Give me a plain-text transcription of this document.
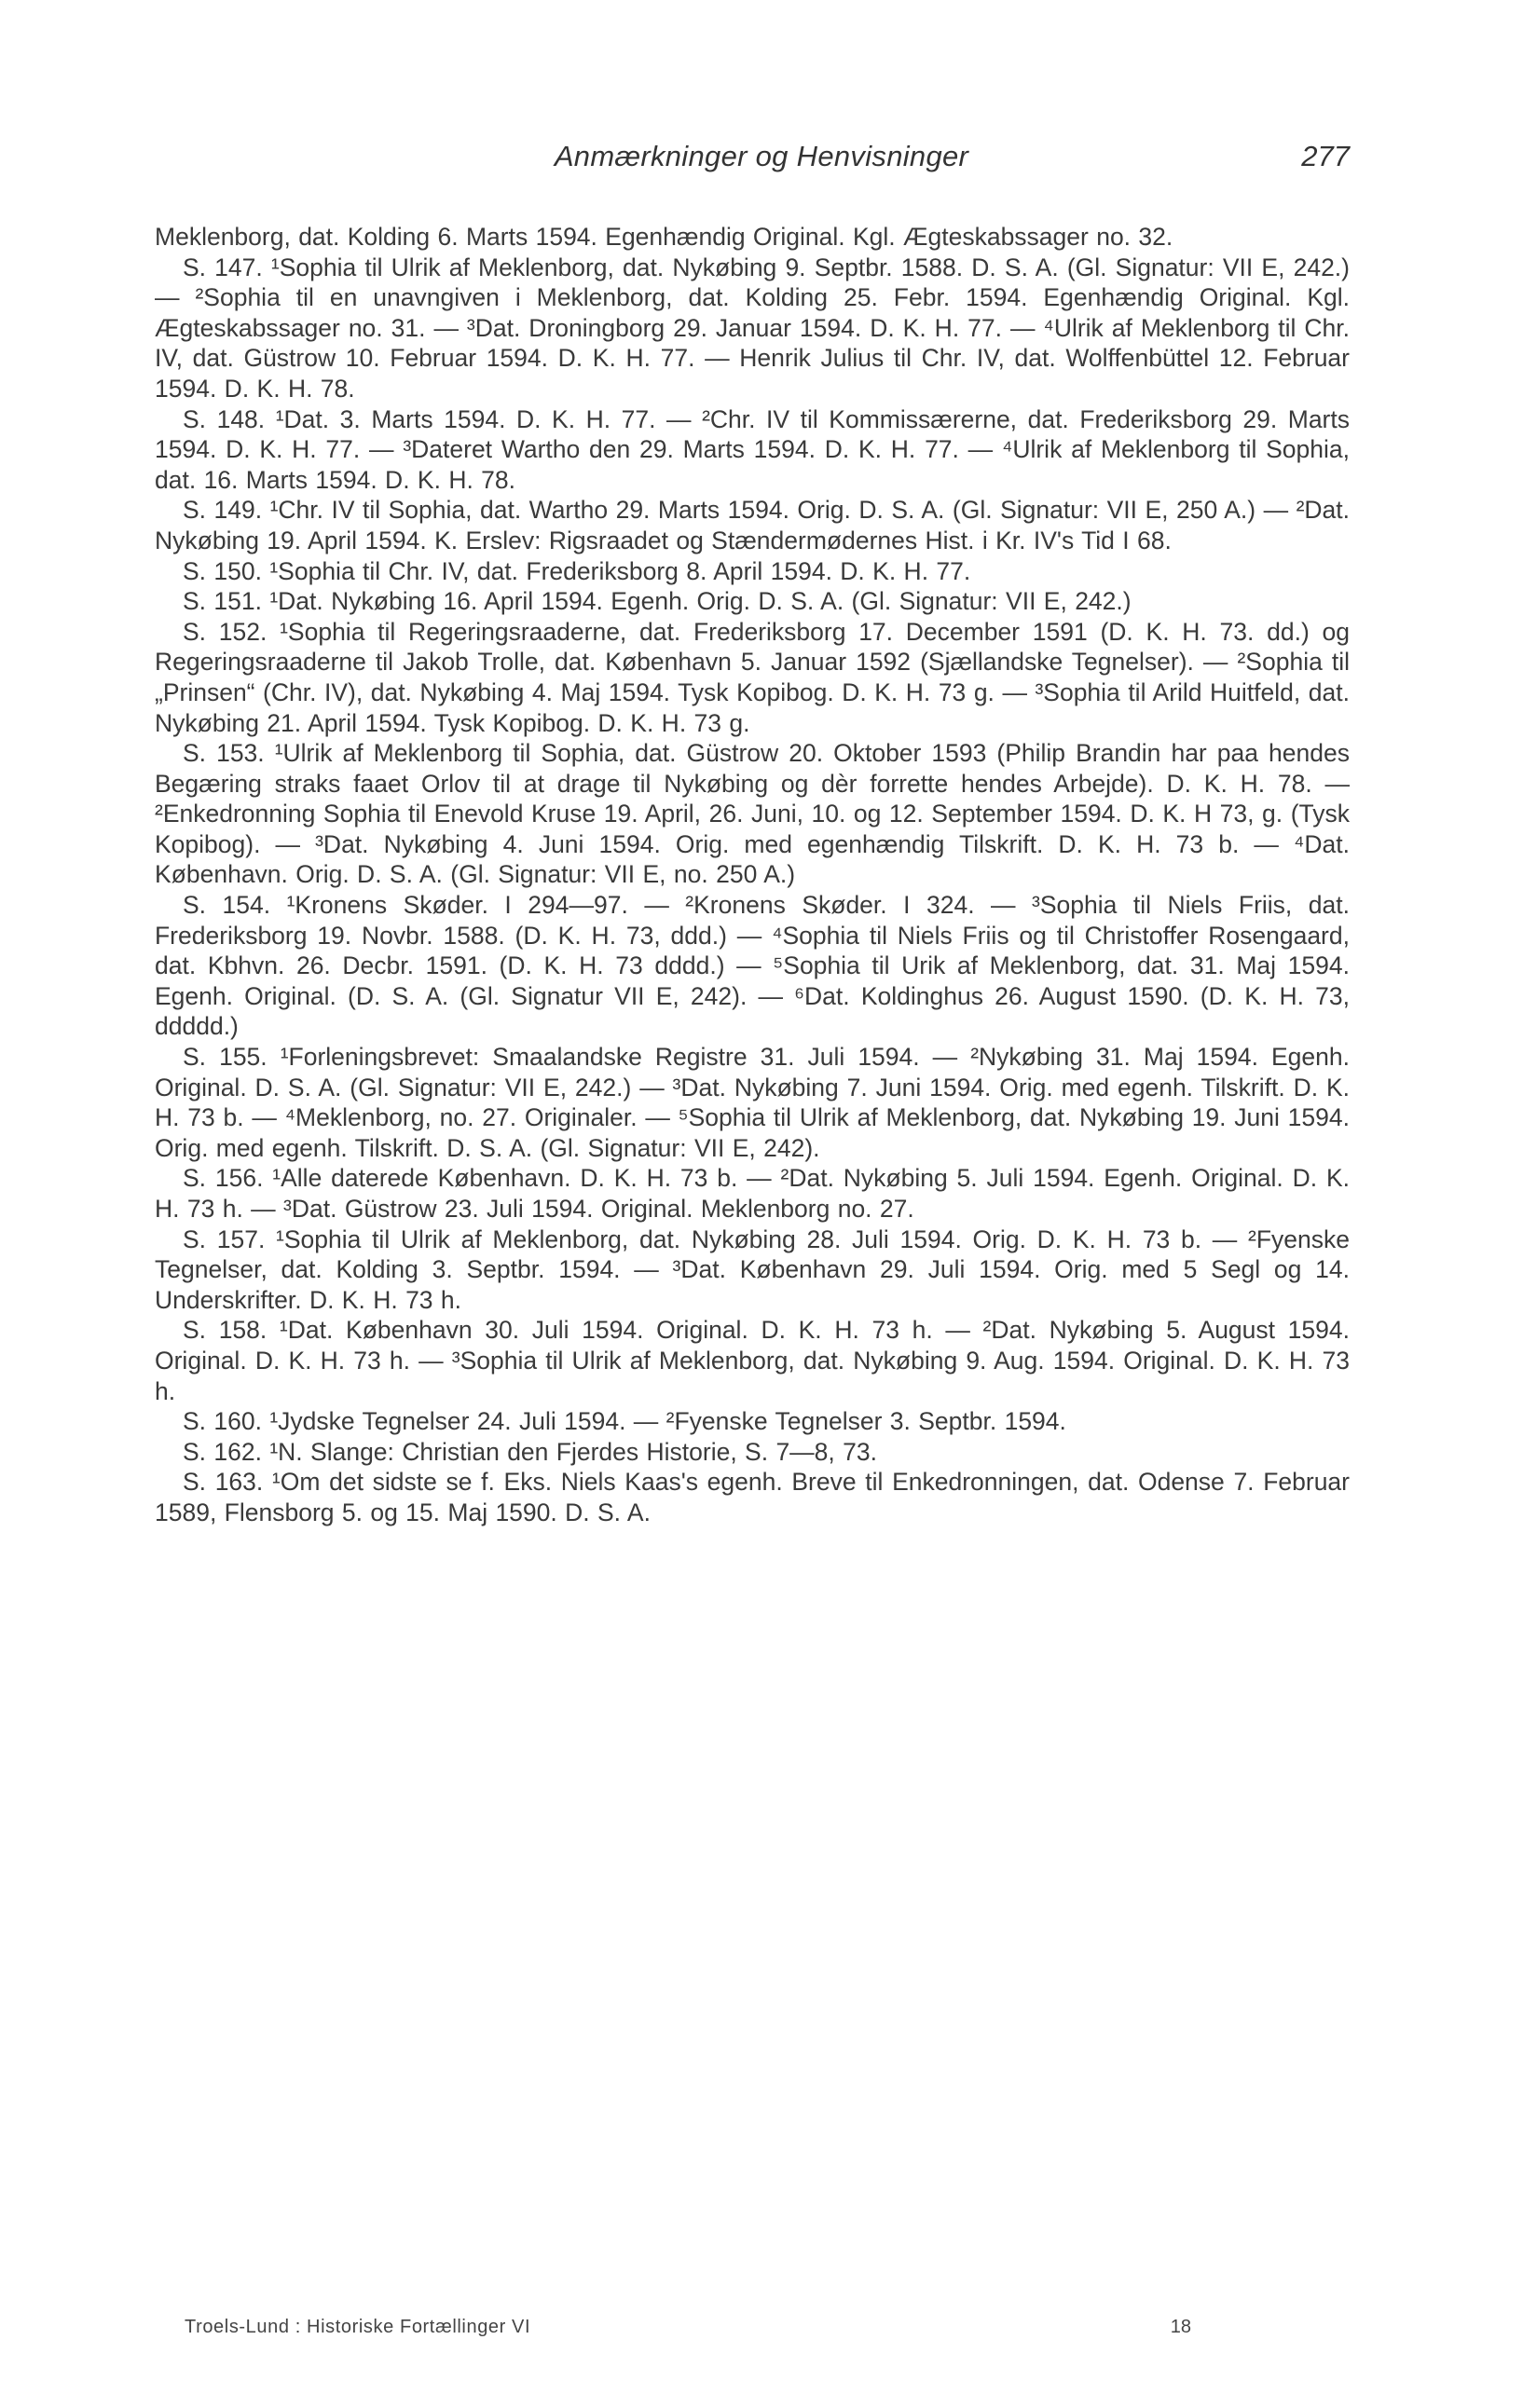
Anmærkninger og Henvisninger	277

Meklenborg, dat. Kolding 6. Marts 1594. Egenhændig Original. Kgl. Ægteskabssager no. 32.

S. 147. ¹Sophia til Ulrik af Meklenborg, dat. Nykøbing 9. Septbr. 1588. D. S. A. (Gl. Signatur: VII E, 242.) — ²Sophia til en unavngiven i Meklenborg, dat. Kolding 25. Febr. 1594. Egenhændig Original. Kgl. Ægteskabssager no. 31. — ³Dat. Droningborg 29. Januar 1594. D. K. H. 77. — ⁴Ulrik af Meklenborg til Chr. IV, dat. Güstrow 10. Februar 1594. D. K. H. 77. — Henrik Julius til Chr. IV, dat. Wolffenbüttel 12. Februar 1594. D. K. H. 78.

S. 148. ¹Dat. 3. Marts 1594. D. K. H. 77. — ²Chr. IV til Kommissærerne, dat. Frederiksborg 29. Marts 1594. D. K. H. 77. — ³Dateret Wartho den 29. Marts 1594. D. K. H. 77. — ⁴Ulrik af Meklenborg til Sophia, dat. 16. Marts 1594. D. K. H. 78.

S. 149. ¹Chr. IV til Sophia, dat. Wartho 29. Marts 1594. Orig. D. S. A. (Gl. Signatur: VII E, 250 A.) — ²Dat. Nykøbing 19. April 1594. K. Erslev: Rigsraadet og Stændermødernes Hist. i Kr. IV's Tid I 68.

S. 150. ¹Sophia til Chr. IV, dat. Frederiksborg 8. April 1594. D. K. H. 77.

S. 151. ¹Dat. Nykøbing 16. April 1594. Egenh. Orig. D. S. A. (Gl. Signatur: VII E, 242.)

S. 152. ¹Sophia til Regeringsraaderne, dat. Frederiksborg 17. December 1591 (D. K. H. 73. dd.) og Regeringsraaderne til Jakob Trolle, dat. København 5. Januar 1592 (Sjællandske Tegnelser). — ²Sophia til „Prinsen“ (Chr. IV), dat. Nykøbing 4. Maj 1594. Tysk Kopibog. D. K. H. 73 g. — ³Sophia til Arild Huitfeld, dat. Nykøbing 21. April 1594. Tysk Kopibog. D. K. H. 73 g.

S. 153. ¹Ulrik af Meklenborg til Sophia, dat. Güstrow 20. Oktober 1593 (Philip Brandin har paa hendes Begæring straks faaet Orlov til at drage til Nykøbing og dèr forrette hendes Arbejde). D. K. H. 78. — ²Enkedronning Sophia til Enevold Kruse 19. April, 26. Juni, 10. og 12. September 1594. D. K. H 73, g. (Tysk Kopibog). — ³Dat. Nykøbing 4. Juni 1594. Orig. med egenhændig Tilskrift. D. K. H. 73 b. — ⁴Dat. København. Orig. D. S. A. (Gl. Signatur: VII E, no. 250 A.)

S. 154. ¹Kronens Skøder. I 294—97. — ²Kronens Skøder. I 324. — ³Sophia til Niels Friis, dat. Frederiksborg 19. Novbr. 1588. (D. K. H. 73, ddd.) — ⁴Sophia til Niels Friis og til Christoffer Rosengaard, dat. Kbhvn. 26. Decbr. 1591. (D. K. H. 73 dddd.) — ⁵Sophia til Urik af Meklenborg, dat. 31. Maj 1594. Egenh. Original. (D. S. A. (Gl. Signatur VII E, 242). — ⁶Dat. Koldinghus 26. August 1590. (D. K. H. 73, ddddd.)

S. 155. ¹Forleningsbrevet: Smaalandske Registre 31. Juli 1594. — ²Nykøbing 31. Maj 1594. Egenh. Original. D. S. A. (Gl. Signatur: VII E, 242.) — ³Dat. Nykøbing 7. Juni 1594. Orig. med egenh. Tilskrift. D. K. H. 73 b. — ⁴Meklenborg, no. 27. Originaler. — ⁵Sophia til Ulrik af Meklenborg, dat. Nykøbing 19. Juni 1594. Orig. med egenh. Tilskrift. D. S. A. (Gl. Signatur: VII E, 242).

S. 156. ¹Alle daterede København. D. K. H. 73 b. — ²Dat. Nykøbing 5. Juli 1594. Egenh. Original. D. K. H. 73 h. — ³Dat. Güstrow 23. Juli 1594. Original. Meklenborg no. 27.

S. 157. ¹Sophia til Ulrik af Meklenborg, dat. Nykøbing 28. Juli 1594. Orig. D. K. H. 73 b. — ²Fyenske Tegnelser, dat. Kolding 3. Septbr. 1594. — ³Dat. København 29. Juli 1594. Orig. med 5 Segl og 14. Underskrifter. D. K. H. 73 h.

S. 158. ¹Dat. København 30. Juli 1594. Original. D. K. H. 73 h. — ²Dat. Nykøbing 5. August 1594. Original. D. K. H. 73 h. — ³Sophia til Ulrik af Meklenborg, dat. Nykøbing 9. Aug. 1594. Original. D. K. H. 73 h.

S. 160. ¹Jydske Tegnelser 24. Juli 1594. — ²Fyenske Tegnelser 3. Septbr. 1594.

S. 162. ¹N. Slange: Christian den Fjerdes Historie, S. 7—8, 73.

S. 163. ¹Om det sidste se f. Eks. Niels Kaas's egenh. Breve til Enkedronningen, dat. Odense 7. Februar 1589, Flensborg 5. og 15. Maj 1590. D. S. A.

Troels-Lund : Historiske Fortællinger VI	18
